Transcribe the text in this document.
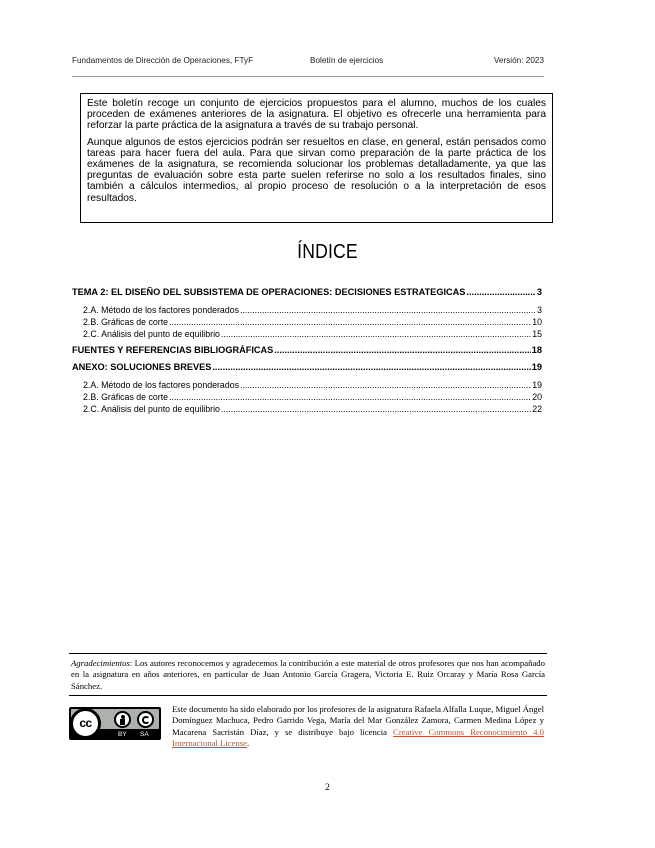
Fundamentos de Dirección de Operaciones, FTyF	Boletín de ejercicios	Versión: 2023

Este boletín recoge un conjunto de ejercicios propuestos para el alumno, muchos de los cuales proceden de exámenes anteriores de la asignatura. El objetivo es ofrecerle una herramienta para reforzar la parte práctica de la asignatura a través de su trabajo personal.

Aunque algunos de estos ejercicios podrán ser resueltos en clase, en general, están pensados como tareas para hacer fuera del aula. Para que sirvan como preparación de la parte práctica de los exámenes de la asignatura, se recomienda solucionar los problemas detalladamente, ya que las preguntas de evaluación sobre esta parte suelen referirse no solo a los resultados finales, sino también a cálculos intermedios, al propio proceso de resolución o a la interpretación de esos resultados.

ÍNDICE
TEMA 2: EL DISEÑO DEL SUBSISTEMA DE OPERACIONES: DECISIONES ESTRATEGICAS .....	3
2.A. Método de los factores ponderados .....	3
2.B. Gráficas de corte .....	10
2.C. Análisis del punto de equilibrio .....	15
FUENTES Y REFERENCIAS BIBLIOGRÁFICAS .....	18
ANEXO: SOLUCIONES BREVES .....	19
2.A. Método de los factores ponderados .....	19
2.B. Gráficas de corte .....	20
2.C. Análisis del punto de equilibrio .....	22
Agradecimientos: Los autores reconocemos y agradecemos la contribución a este material de otros profesores que nos han acompañado en la asignatura en años anteriores, en particular de Juan Antonio García Gragera, Victoria E. Ruiz Orcaray y María Rosa García Sánchez.
cc
BY SA
Este documento ha sido elaborado por los profesores de la asignatura Rafaela Alfalla Luque, Miguel Ángel Domínguez Machuca, Pedro Garrido Vega, María del Mar González Zamora, Carmen Medina López y Macarena Sacristán Díaz, y se distribuye bajo licencia Creative Commons Reconocimiento 4.0 Internacional License.
2
